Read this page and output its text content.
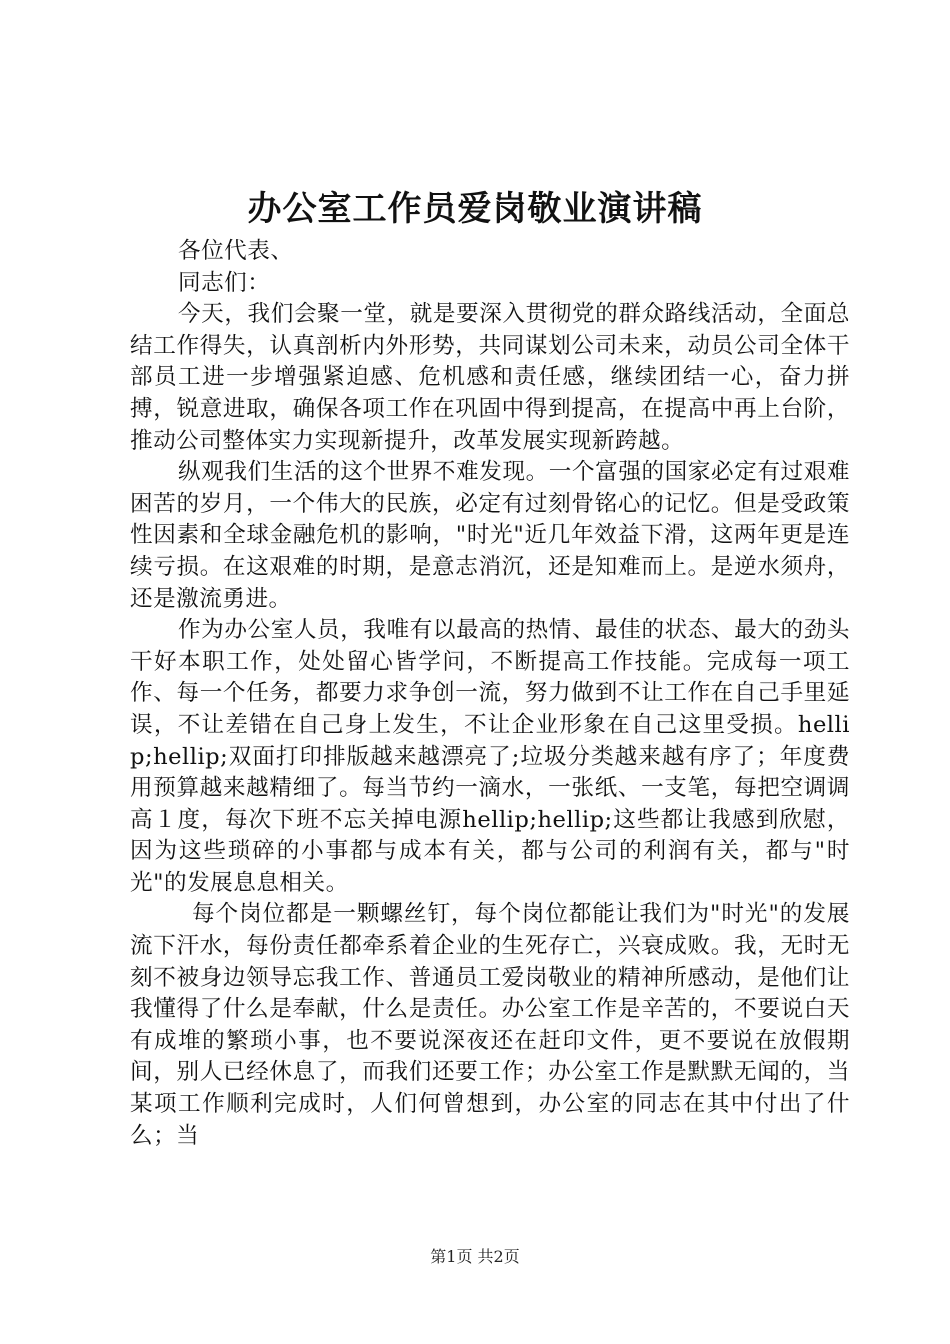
办公室工作员爱岗敬业演讲稿

各位代表、

同志们：

今天，我们会聚一堂，就是要深入贯彻党的群众路线活动，全面总结工作得失，认真剖析内外形势，共同谋划公司未来，动员公司全体干部员工进一步增强紧迫感、危机感和责任感，继续团结一心，奋力拼搏，锐意进取，确保各项工作在巩固中得到提高，在提高中再上台阶，推动公司整体实力实现新提升，改革发展实现新跨越。

纵观我们生活的这个世界不难发现。一个富强的国家必定有过艰难困苦的岁月，一个伟大的民族，必定有过刻骨铭心的记忆。但是受政策性因素和全球金融危机的影响，"时光"近几年效益下滑，这两年更是连续亏损。在这艰难的时期，是意志消沉，还是知难而上。是逆水须舟，还是激流勇进。

作为办公室人员，我唯有以最高的热情、最佳的状态、最大的劲头干好本职工作，处处留心皆学问，不断提高工作技能。完成每一项工作、每一个任务，都要力求争创一流，努力做到不让工作在自己手里延误，不让差错在自己身上发生，不让企业形象在自己这里受损。hellip;hellip;双面打印排版越来越漂亮了;垃圾分类越来越有序了；年度费用预算越来越精细了。每当节约一滴水，一张纸、一支笔，每把空调调高１度，每次下班不忘关掉电源hellip;hellip;这些都让我感到欣慰，因为这些琐碎的小事都与成本有关，都与公司的利润有关，都与"时光"的发展息息相关。

每个岗位都是一颗螺丝钉，每个岗位都能让我们为"时光"的发展流下汗水，每份责任都牵系着企业的生死存亡，兴衰成败。我，无时无刻不被身边领导忘我工作、普通员工爱岗敬业的精神所感动，是他们让我懂得了什么是奉献，什么是责任。办公室工作是辛苦的，不要说白天有成堆的繁琐小事，也不要说深夜还在赶印文件，更不要说在放假期间，别人已经休息了，而我们还要工作；办公室工作是默默无闻的，当某项工作顺利完成时，人们何曾想到，办公室的同志在其中付出了什么；当

第1页 共2页
